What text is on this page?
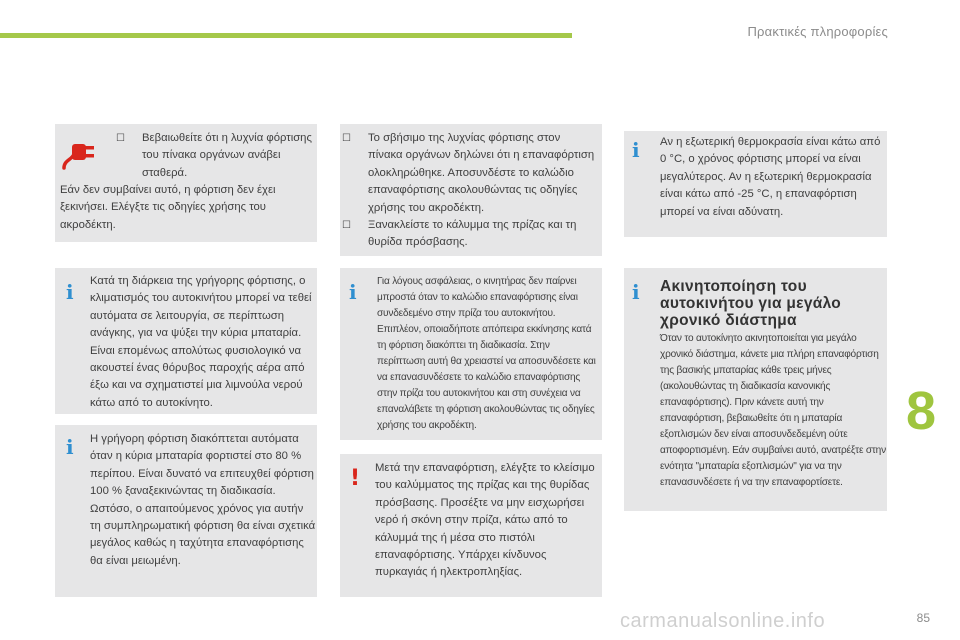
Πρακτικές πληροφορίες
☐ Βεβαιωθείτε ότι η λυχνία φόρτισης του πίνακα οργάνων ανάβει σταθερά.
Εάν δεν συμβαίνει αυτό, η φόρτιση δεν έχει ξεκινήσει. Ελέγξτε τις οδηγίες χρήσης του ακροδέκτη.
☐ Το σβήσιμο της λυχνίας φόρτισης στον πίνακα οργάνων δηλώνει ότι η επαναφόρτιση ολοκληρώθηκε. Αποσυνδέστε το καλώδιο επαναφόρτισης ακολουθώντας τις οδηγίες χρήσης του ακροδέκτη.
☐ Ξανακλείστε το κάλυμμα της πρίζας και τη θυρίδα πρόσβασης.
i Αν η εξωτερική θερμοκρασία είναι κάτω από 0 °C, ο χρόνος φόρτισης μπορεί να είναι μεγαλύτερος. Αν η εξωτερική θερμοκρασία είναι κάτω από -25 °C, η επαναφόρτιση μπορεί να είναι αδύνατη.
i Κατά τη διάρκεια της γρήγορης φόρτισης, ο κλιματισμός του αυτοκινήτου μπορεί να τεθεί αυτόματα σε λειτουργία, σε περίπτωση ανάγκης, για να ψύξει την κύρια μπαταρία. Είναι επομένως απολύτως φυσιολογικό να ακουστεί ένας θόρυβος παροχής αέρα από έξω και να σχηματιστεί μια λιμνούλα νερού κάτω από το αυτοκίνητο.
i Για λόγους ασφάλειας, ο κινητήρας δεν παίρνει μπροστά όταν το καλώδιο επαναφόρτισης είναι συνδεδεμένο στην πρίζα του αυτοκινήτου. Επιπλέον, οποιαδήποτε απόπειρα εκκίνησης κατά τη φόρτιση διακόπτει τη διαδικασία. Στην περίπτωση αυτή θα χρειαστεί να αποσυνδέσετε και να επανασυνδέσετε το καλώδιο επαναφόρτισης στην πρίζα του αυτοκινήτου και στη συνέχεια να επαναλάβετε τη φόρτιση ακολουθώντας τις οδηγίες χρήσης του ακροδέκτη.
i Ακινητοποίηση του αυτοκινήτου για μεγάλο χρονικό διάστημα
Όταν το αυτοκίνητο ακινητοποιείται για μεγάλο χρονικό διάστημα, κάνετε μια πλήρη επαναφόρτιση της βασικής μπαταρίας κάθε τρεις μήνες (ακολουθώντας τη διαδικασία κανονικής επαναφόρτισης). Πριν κάνετε αυτή την επαναφόρτιση, βεβαιωθείτε ότι η μπαταρία εξοπλισμών δεν είναι αποσυνδεδεμένη ούτε αποφορτισμένη. Εάν συμβαίνει αυτό, ανατρέξτε στην ενότητα "μπαταρία εξοπλισμών" για να την επανασυνδέσετε ή να την επαναφορτίσετε.
i Η γρήγορη φόρτιση διακόπτεται αυτόματα όταν η κύρια μπαταρία φορτιστεί στο 80 % περίπου. Είναι δυνατό να επιτευχθεί φόρτιση 100 % ξαναξεκινώντας τη διαδικασία. Ωστόσο, ο απαιτούμενος χρόνος για αυτήν τη συμπληρωματική φόρτιση θα είναι σχετικά μεγάλος καθώς η ταχύτητα επαναφόρτισης θα είναι μειωμένη.
! Μετά την επαναφόρτιση, ελέγξτε το κλείσιμο του καλύμματος της πρίζας και της θυρίδας πρόσβασης. Προσέξτε να μην εισχωρήσει νερό ή σκόνη στην πρίζα, κάτω από το κάλυμμά της ή μέσα στο πιστόλι επαναφόρτισης. Υπάρχει κίνδυνος πυρκαγιάς ή ηλεκτροπληξίας.
8
carmanualsonline.info	85
